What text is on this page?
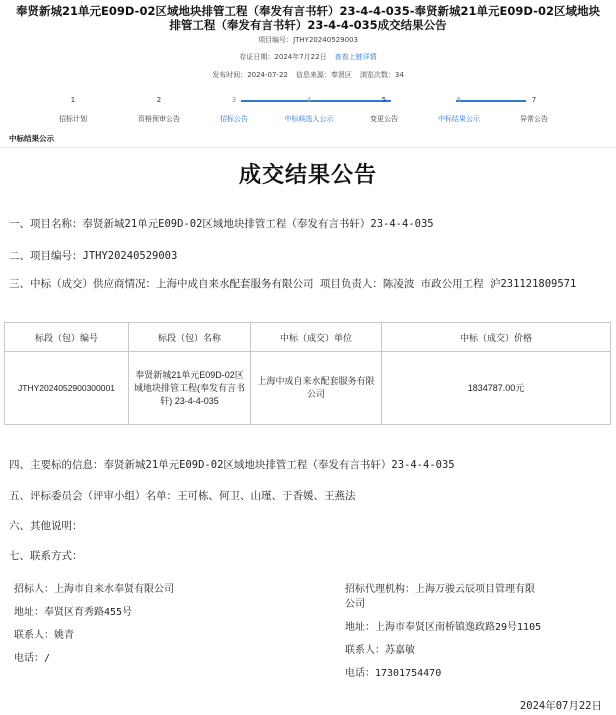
奉贤新城21单元E09D-02区域地块排管工程（奉发有言书轩）23-4-4-035-奉贤新城21单元E09D-02区域地块排管工程（奉发有言书轩）23-4-4-035成交结果公告
项目编号：JTHY20240529003
存证日期：2024年7月22日 查看上链详情
发布时间：2024-07-22 信息来源：奉贤区 浏览次数：34
1
招标计划
2
资格预审公告
3
招标公告
4
中标候选人公示
5
变更公告
6
中标结果公示
7
异常公告
中标结果公示
成交结果公告
一、项目名称：奉贤新城21单元E09D-02区域地块排管工程（奉发有言书轩）23-4-4-035
二、项目编号：JTHY20240529003
三、中标（成交）供应商情况：上海中成自来水配套服务有限公司 项目负责人：陈凌波 市政公用工程 沪231121809571
标段（包）编号	标段（包）名称	中标（成交）单位	中标（成交）价格
JTHY2024052900300001	奉贤新城21单元E09D-02区域地块排管工程(奉发有言书轩) 23-4-4-035	上海中成自来水配套服务有限公司	1834787.00元
四、主要标的信息：奉贤新城21单元E09D-02区域地块排管工程（奉发有言书轩）23-4-4-035
五、评标委员会（评审小组）名单：王可栋、何卫、山瑾、于香媛、王燕法
六、其他说明：
七、联系方式：
招标人：上海市自来水奉贤有限公司
地址：奉贤区育秀路455号
联系人：姚青
电话：/
招标代理机构：上海万骏云辰项目管理有限
公司
地址：上海市奉贤区南桥镇逸政路29号1105
联系人：苏嘉敏
电话：17301754470
2024年07月22日
